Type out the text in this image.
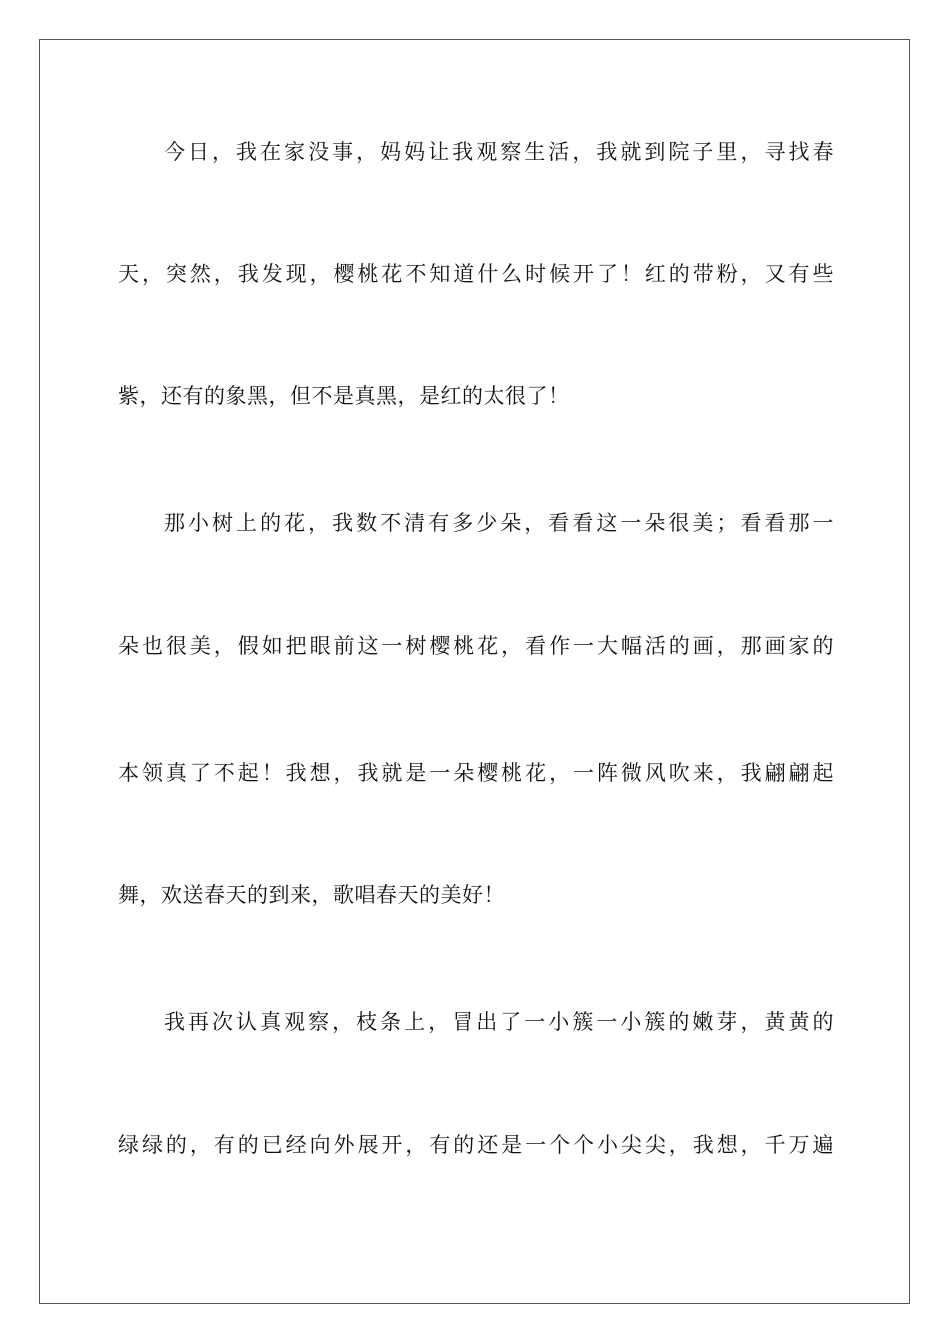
今日，我在家没事，妈妈让我观察生活，我就到院子里，寻找春
天，突然，我发现，樱桃花不知道什么时候开了！红的带粉，又有些
紫，还有的象黑，但不是真黑，是红的太很了！
那小树上的花，我数不清有多少朵，看看这一朵很美；看看那一
朵也很美，假如把眼前这一树樱桃花，看作一大幅活的画，那画家的
本领真了不起！我想，我就是一朵樱桃花，一阵微风吹来，我翩翩起
舞，欢送春天的到来，歌唱春天的美好！
我再次认真观察，枝条上，冒出了一小簇一小簇的嫩芽，黄黄的
绿绿的，有的已经向外展开，有的还是一个个小尖尖，我想，千万遍
